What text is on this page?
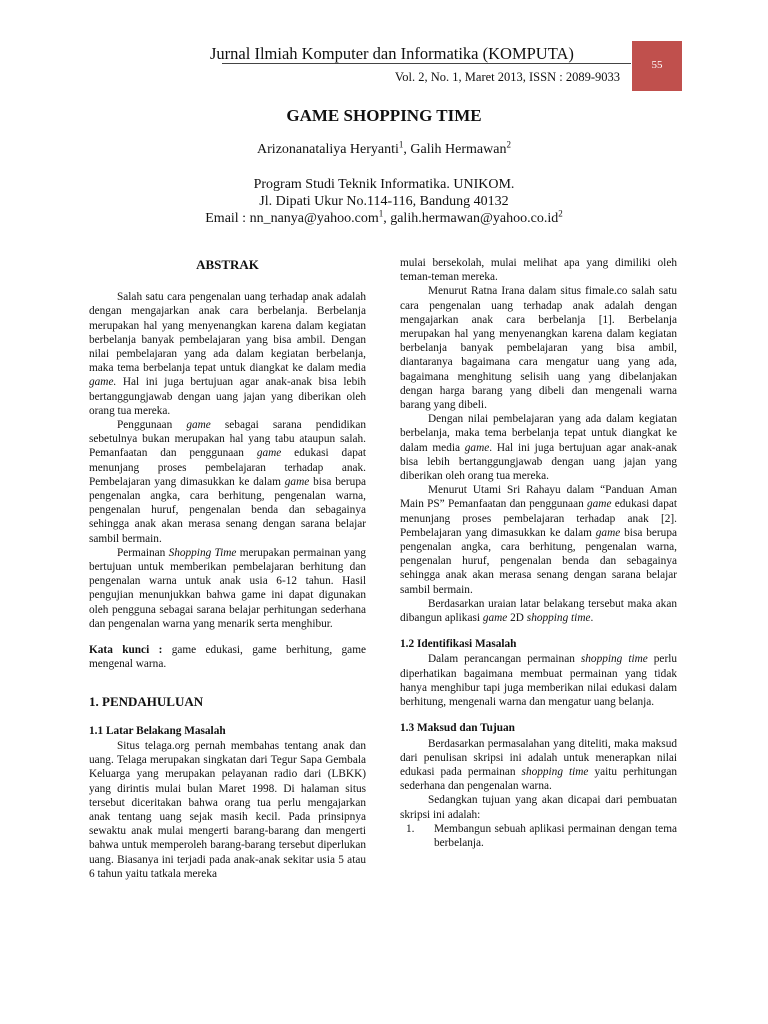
Jurnal Ilmiah Komputer dan Informatika (KOMPUTA)
Vol. 2, No. 1, Maret 2013, ISSN : 2089-9033
55
GAME SHOPPING TIME
Arizonanataliya Heryanti$^1$, Galih Hermawan$^2$
Program Studi Teknik Informatika. UNIKOM.
Jl. Dipati Ukur No.114-116, Bandung 40132
Email : nn_nanya@yahoo.com$^1$, $galih.hermawan@yahoo.co.id^2$

ABSTRAK

Salah satu cara pengenalan uang terhadap anak adalah dengan mengajarkan anak cara berbelanja. Berbelanja merupakan hal yang menyenangkan karena dalam kegiatan berbelanja banyak pembelajaran yang bisa ambil. Dengan nilai pembelajaran yang ada dalam kegiatan berbelanja, maka tema berbelanja tepat untuk diangkat ke dalam media game. Hal ini juga bertujuan agar anak-anak bisa lebih bertanggungjawab dengan uang jajan yang diberikan oleh orang tua mereka.

Penggunaan game sebagai sarana pendidikan sebetulnya bukan merupakan hal yang tabu ataupun salah. Pemanfaatan dan penggunaan game edukasi dapat menunjang proses pembelajaran terhadap anak. Pembelajaran yang dimasukkan ke dalam game bisa berupa pengenalan angka, cara berhitung, pengenalan warna, pengenalan huruf, pengenalan benda dan sebagainya sehingga anak akan merasa senang dengan sarana belajar sambil bermain.

Permainan Shopping Time merupakan permainan yang bertujuan untuk memberikan pembelajaran berhitung dan pengenalan warna untuk anak usia 6-12 tahun. Hasil pengujian menunjukkan bahwa game ini dapat digunakan oleh pengguna sebagai sarana belajar perhitungan sederhana dan pengenalan warna yang menarik serta menghibur.

Kata kunci : game edukasi, game berhitung, game mengenal warna.

1. PENDAHULUAN

1.1 Latar Belakang Masalah

Situs telaga.org pernah membahas tentang anak dan uang. Telaga merupakan singkatan dari Tegur Sapa Gembala Keluarga yang merupakan pelayanan radio dari (LBKK) yang dirintis mulai bulan Maret 1998. Di halaman situs tersebut diceritakan bahwa orang tua perlu mengajarkan anak tentang uang sejak masih kecil. Pada prinsipnya sewaktu anak mulai mengerti barang-barang dan mengerti bahwa untuk memperoleh barang-barang tersebut diperlukan uang. Biasanya ini terjadi pada anak-anak sekitar usia 5 atau 6 tahun yaitu tatkala mereka

mulai bersekolah, mulai melihat apa yang dimiliki oleh teman-teman mereka.

Menurut Ratna Irana dalam situs fimale.co salah satu cara pengenalan uang terhadap anak adalah dengan mengajarkan anak cara berbelanja [1]. Berbelanja merupakan hal yang menyenangkan karena dalam kegiatan berbelanja banyak pembelajaran yang bisa ambil, diantaranya bagaimana cara mengatur uang yang ada, bagaimana menghitung selisih uang yang dibelanjakan dengan harga barang yang dibeli dan mengenali warna barang yang dibeli.

Dengan nilai pembelajaran yang ada dalam kegiatan berbelanja, maka tema berbelanja tepat untuk diangkat ke dalam media game. Hal ini juga bertujuan agar anak-anak bisa lebih bertanggungjawab dengan uang jajan yang diberikan oleh orang tua mereka.

Menurut Utami Sri Rahayu dalam “Panduan Aman Main PS” Pemanfaatan dan penggunaan game edukasi dapat menunjang proses pembelajaran terhadap anak [2]. Pembelajaran yang dimasukkan ke dalam game bisa berupa pengenalan angka, cara berhitung, pengenalan warna, pengenalan huruf, pengenalan benda dan sebagainya sehingga anak akan merasa senang dengan sarana belajar sambil bermain.

Berdasarkan uraian latar belakang tersebut maka akan dibangun aplikasi game 2D shopping time.

1.2 Identifikasi Masalah

Dalam perancangan permainan shopping time perlu diperhatikan bagaimana membuat permainan yang tidak hanya menghibur tapi juga memberikan nilai edukasi dalam berhitung, mengenali warna dan mengatur uang belanja.

1.3 Maksud dan Tujuan

Berdasarkan permasalahan yang diteliti, maka maksud dari penulisan skripsi ini adalah untuk menerapkan nilai edukasi pada permainan shopping time yaitu perhitungan sederhana dan pengenalan warna.

Sedangkan tujuan yang akan dicapai dari pembuatan skripsi ini adalah:

1.	Membangun sebuah aplikasi permainan dengan tema berbelanja.
